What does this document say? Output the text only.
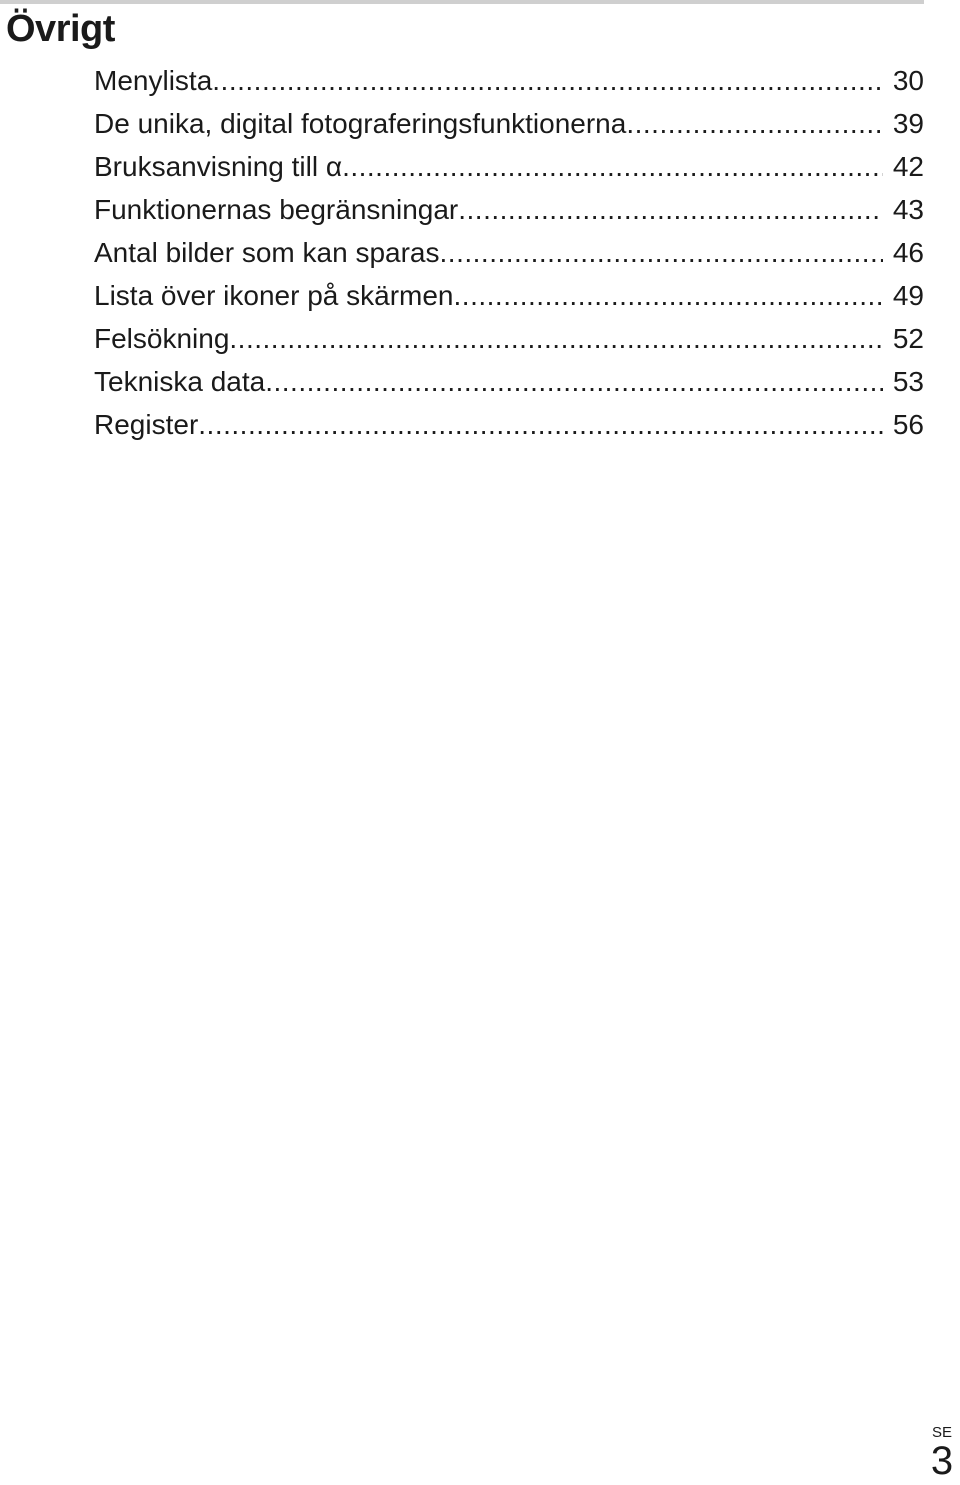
Övrigt
Menylista .....	30
De unika, digital fotograferingsfunktionerna .....	39
Bruksanvisning till α .....	42
Funktionernas begränsningar .....	43
Antal bilder som kan sparas .....	46
Lista över ikoner på skärmen .....	49
Felsökning .....	52
Tekniska data .....	53
Register .....	56
SE
3
